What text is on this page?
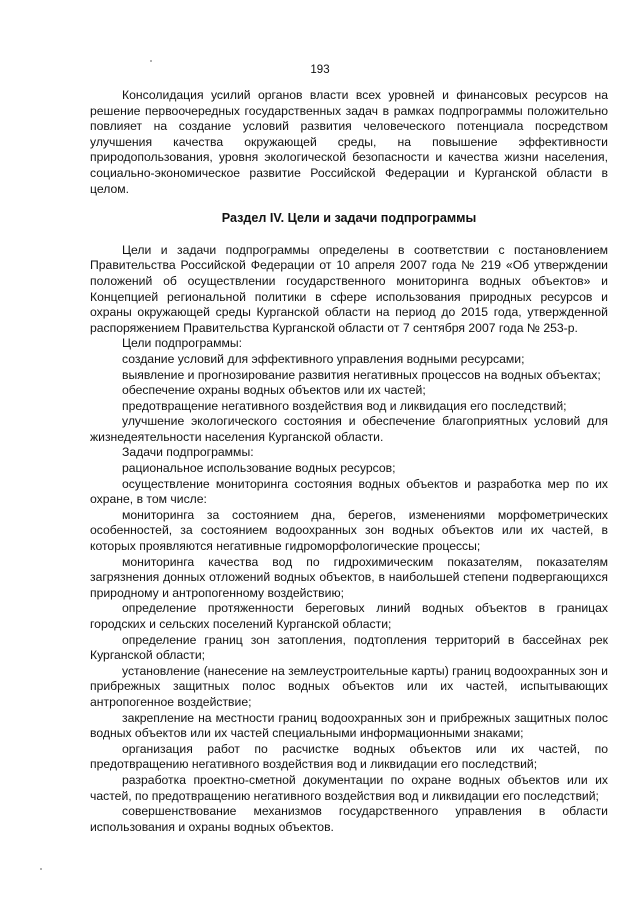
193

Консолидация усилий органов власти всех уровней и финансовых ресурсов на решение первоочередных государственных задач в рамках подпрограммы положительно повлияет на создание условий развития человеческого потенциала посредством улучшения качества окружающей среды, на повышение эффективности природопользования, уровня экологической безопасности и качества жизни населения, социально-экономическое развитие Российской Федерации и Курганской области в целом.

Раздел IV. Цели и задачи подпрограммы

Цели и задачи подпрограммы определены в соответствии с постановлением Правительства Российской Федерации от 10 апреля 2007 года № 219 «Об утверждении положений об осуществлении государственного мониторинга водных объектов» и Концепцией региональной политики в сфере использования природных ресурсов и охраны окружающей среды Курганской области на период до 2015 года, утвержденной распоряжением Правительства Курганской области от 7 сентября 2007 года № 253-р.

Цели подпрограммы:

создание условий для эффективного управления водными ресурсами;

выявление и прогнозирование развития негативных процессов на водных объектах;

обеспечение охраны водных объектов или их частей;

предотвращение негативного воздействия вод и ликвидация его последствий;

улучшение экологического состояния и обеспечение благоприятных условий для жизнедеятельности населения Курганской области.

Задачи подпрограммы:

рациональное использование водных ресурсов;

осуществление мониторинга состояния водных объектов и разработка мер по их охране, в том числе:

мониторинга за состоянием дна, берегов, изменениями морфометрических особенностей, за состоянием водоохранных зон водных объектов или их частей, в которых проявляются негативные гидроморфологические процессы;

мониторинга качества вод по гидрохимическим показателям, показателям загрязнения донных отложений водных объектов, в наибольшей степени подвергающихся природному и антропогенному воздействию;

определение протяженности береговых линий водных объектов в границах городских и сельских поселений Курганской области;

определение границ зон затопления, подтопления территорий в бассейнах рек Курганской области;

установление (нанесение на землеустроительные карты) границ водоохранных зон и прибрежных защитных полос водных объектов или их частей, испытывающих антропогенное воздействие;

закрепление на местности границ водоохранных зон и прибрежных защитных полос водных объектов или их частей специальными информационными знаками;

организация работ по расчистке водных объектов или их частей, по предотвращению негативного воздействия вод и ликвидации его последствий;

разработка проектно-сметной документации по охране водных объектов или их частей, по предотвращению негативного воздействия вод и ликвидации его последствий;

совершенствование механизмов государственного управления в области использования и охраны водных объектов.
